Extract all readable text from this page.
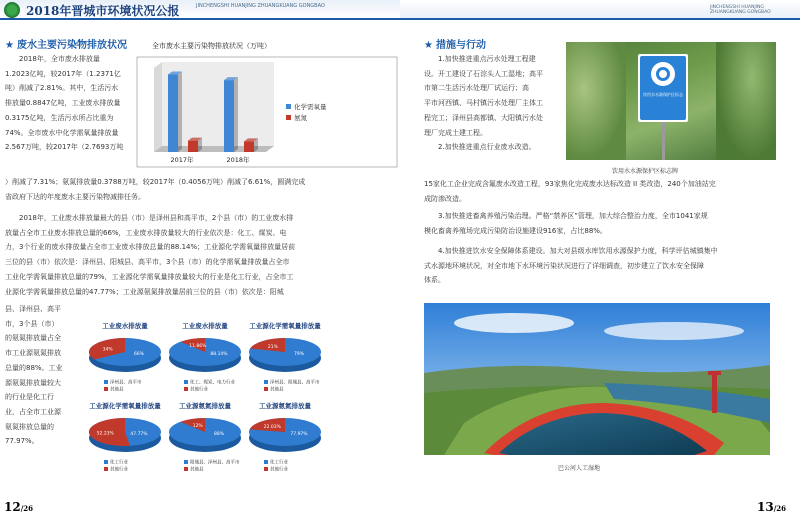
2018年晋城市环境状况公报	JINCHENGSHI HUANJING ZHUANGKUANG GONGBAO
★ 废水主要污染物排放状况
2018年，全市废水排放量
1.2023亿吨，较2017年（1.2371亿
吨）削减了2.81%。其中，生活污水
排放量0.8847亿吨，工业废水排放量
0.3175亿吨，生活污水所占比重为
74%。全市废水中化学需氧量排放量
2.567万吨，较2017年（2.7693万吨
）削减了7.31%；氨氮排放量0.3788万吨，较2017年（0.4056万吨）削减了6.61%，圆满完成
省政府下达的年度废水主要污染物减排任务。
全市废水主要污染物排放状况（万吨）
2017年	2018年
化学需氧量
氨氮
2018年，工业废水排放量最大的县（市）是泽州县和高平市，2个县（市）的工业废水排
放量占全市工业废水排放总量的66%，工业废水排放量较大的行业依次是：化工、煤炭、电
力，3个行业的废水排放量占全市工业废水排放总量的88.14%；工业源化学需氧量排放量居前
三位的县（市）依次是：泽州县、阳城县、高平市，3个县（市）的化学需氧量排放量占全市
工业化学需氧量排放总量的79%，工业源化学需氧量排放量较大的行业是化工行业，占全市工
业源化学需氧量排放总量的47.77%；工业源氨氮排放量居前三位的县（市）依次是：阳城
县、泽州县、高平
市，3个县（市）
的氨氮排放量占全
市工业源氨氮排放
总量的88%。工业
源氨氮排放量较大
的行业是化工行
业，占全市工业源
氨氮排放总量的
77.97%。
工业废水排放量
66%
34%
泽州县、高平市
其他县
工业废水排放量
88.14%
11.86%
化工、煤炭、电力行业
其他行业
工业源化学需氧量排放量
79%
21%
泽州县、阳城县、高平市
其他县
工业源化学需氧量排放量
47.77%
52.23%
化工行业
其他行业
工业源氨氮排放量
88%
12%
阳城县、泽州县、高平市
其他县
工业源氨氮排放量
77.97%
22.03%
化工行业
其他行业
12/26
JINCHENGSHI HUANJING ZHUANGKUANG GONGBAO
★ 措施与行动
1.加快推进重点污水处理工程建
设。开工建设了石淙头人工湿地；高平
市第二生活污水处理厂试运行；高
平市河西镇、马村镇污水处理厂主体工
程完工；泽州县高都镇、大阳镇污水处
理厂完成土建工程。
2.加快推进重点行业废水改造。
饮用水水源保护区标志
饮用水水源保护区标志牌
15家化工企业完成含氟废水改造工程，93家焦化完成废水达标改造 II 类改造，240个加油站完
成防渗改造。
3.加快推进畜禽养殖污染治理。严格“禁养区”管理，加大综合整治力度，全市1041家规
模化畜禽养殖场完成污染防治设施建设916家，占比88%。
4.加快推进饮水安全保障体系建设。加大对县级水库饮用水源保护力度，科学评估城镇集中
式水源地环境状况，对全市地下水环境污染状况进行了详细调查，初步建立了饮水安全保障
体系。
巴公河人工湿地
13/26
